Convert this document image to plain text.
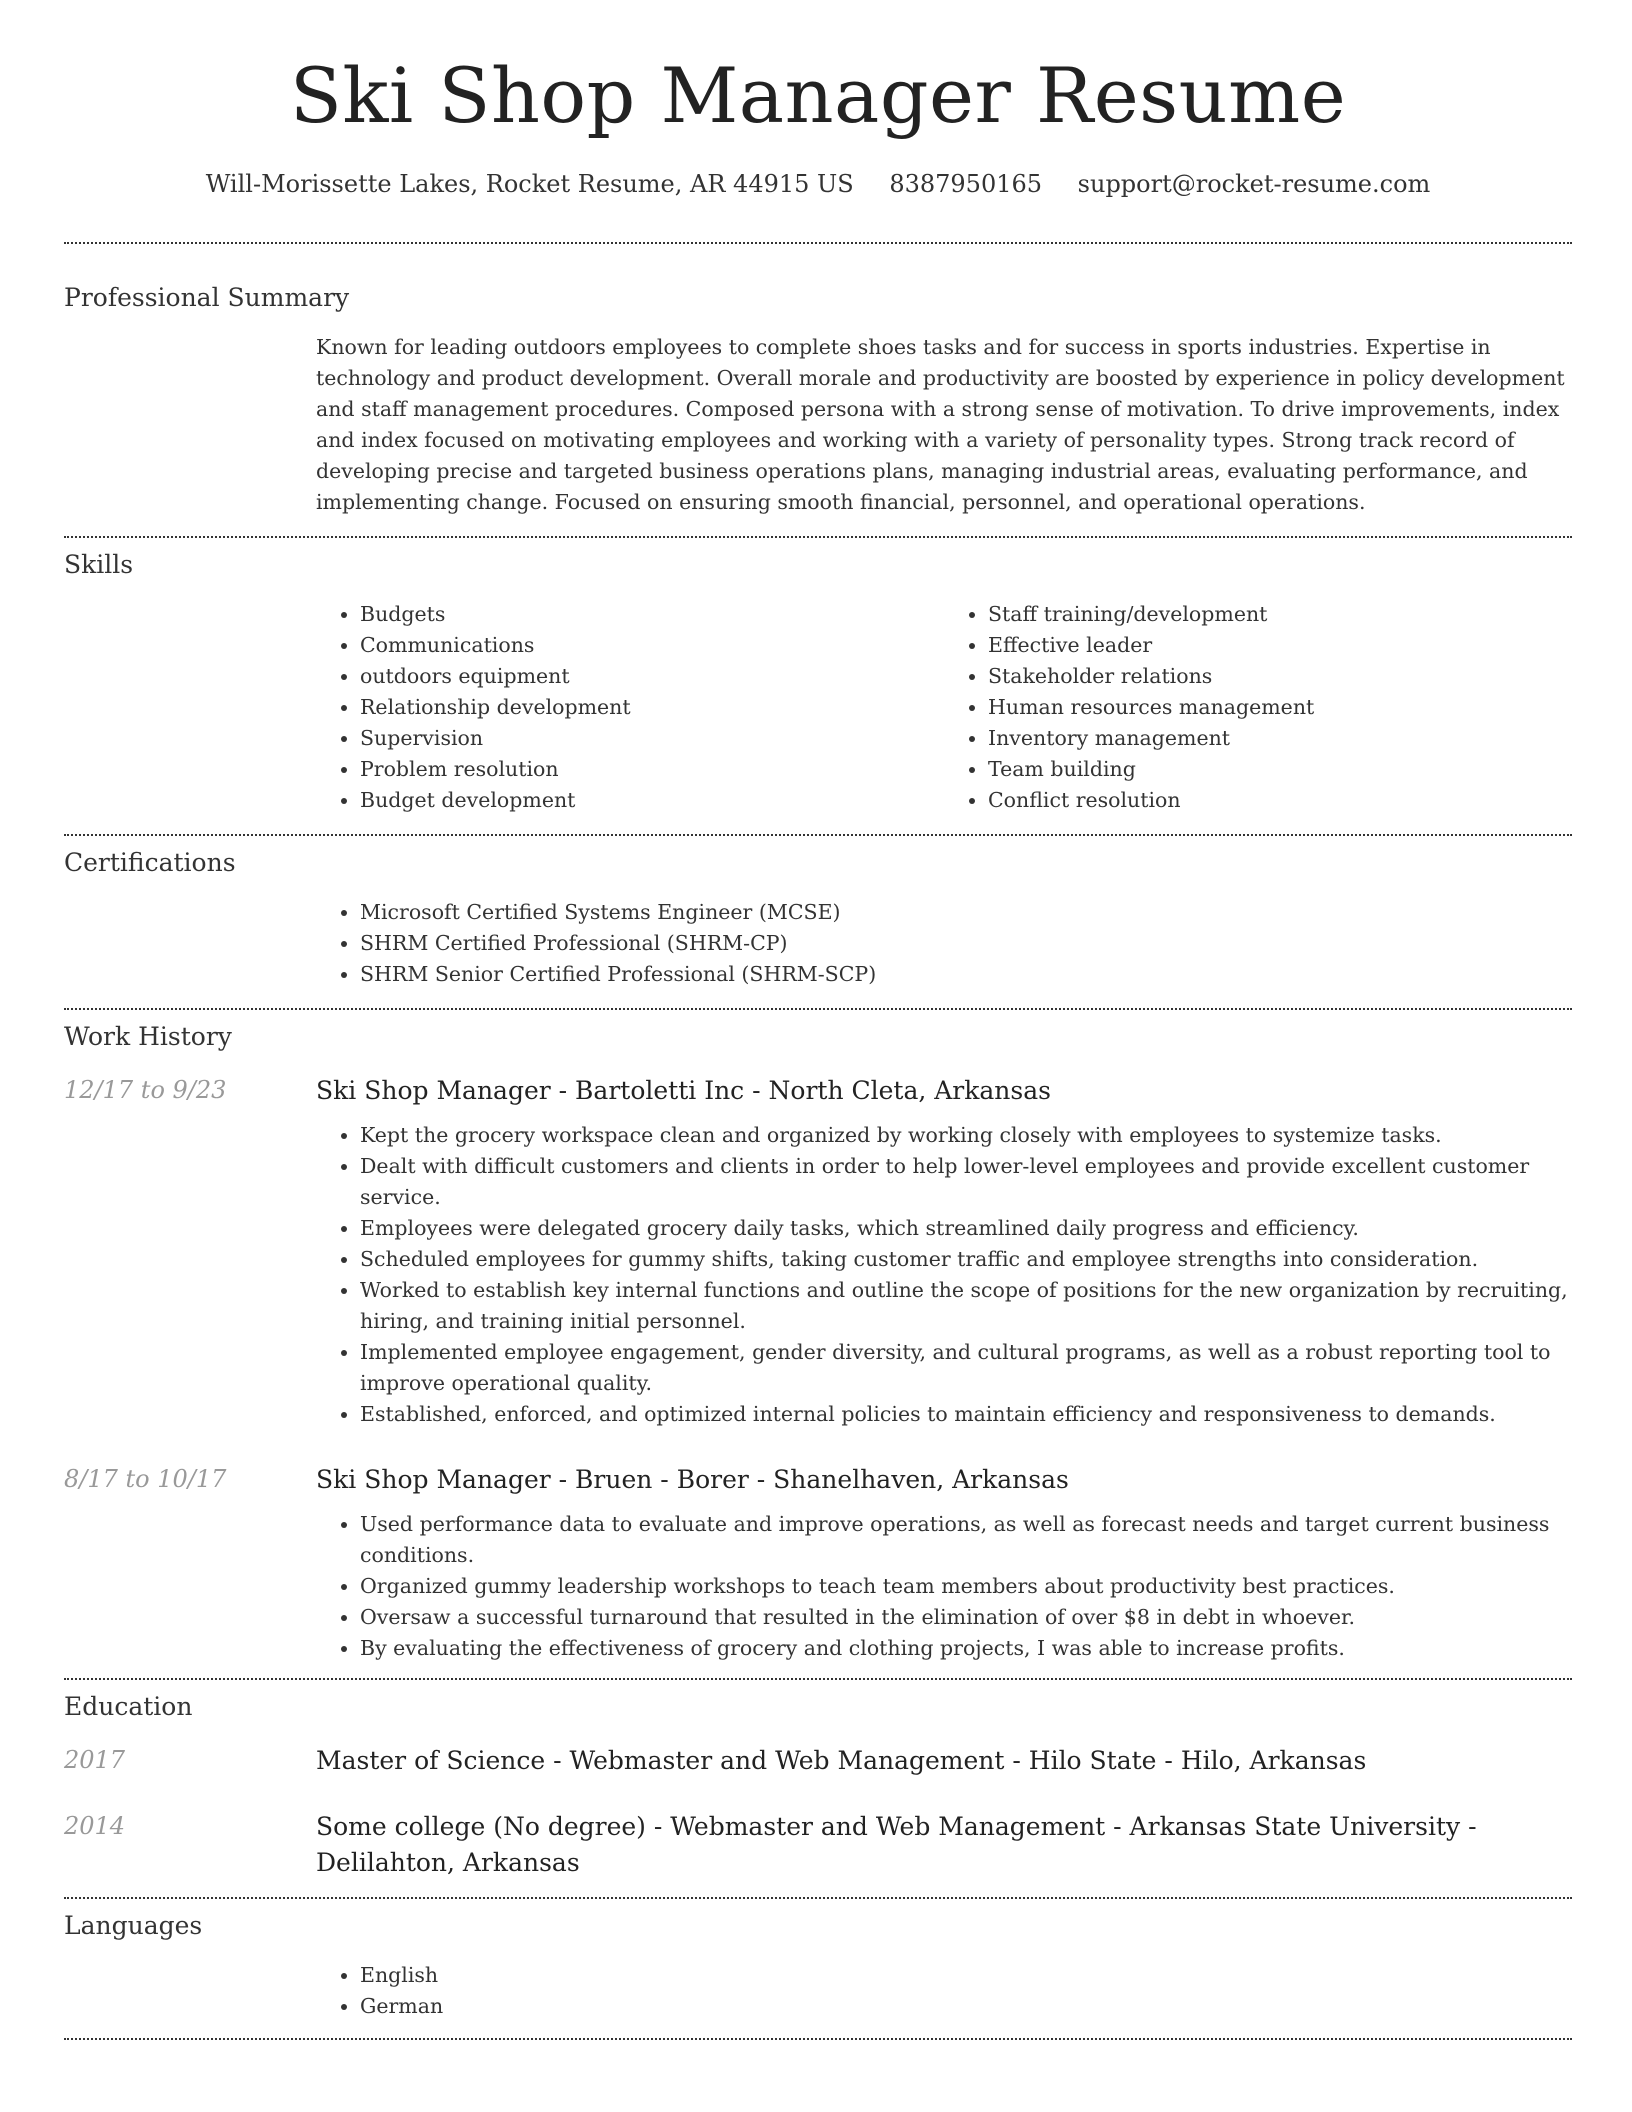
Ski Shop Manager Resume
Will-Morissette Lakes, Rocket Resume, AR 44915 US 8387950165 support@rocket-resume.com
Professional Summary
Known for leading outdoors employees to complete shoes tasks and for success in sports industries. Expertise in technology and product development. Overall morale and productivity are boosted by experience in policy development and staff management procedures. Composed persona with a strong sense of motivation. To drive improvements, index and index focused on motivating employees and working with a variety of personality types. Strong track record of developing precise and targeted business operations plans, managing industrial areas, evaluating performance, and implementing change. Focused on ensuring smooth financial, personnel, and operational operations.
Skills
• Budgets
• Communications
• outdoors equipment
• Relationship development
• Supervision
• Problem resolution
• Budget development
• Staff training/development
• Effective leader
• Stakeholder relations
• Human resources management
• Inventory management
• Team building
• Conflict resolution
Certifications
• Microsoft Certified Systems Engineer (MCSE)
• SHRM Certified Professional (SHRM-CP)
• SHRM Senior Certified Professional (SHRM-SCP)
Work History
12/17 to 9/23	Ski Shop Manager - Bartoletti Inc - North Cleta, Arkansas
• Kept the grocery workspace clean and organized by working closely with employees to systemize tasks.
• Dealt with difficult customers and clients in order to help lower-level employees and provide excellent customer service.
• Employees were delegated grocery daily tasks, which streamlined daily progress and efficiency.
• Scheduled employees for gummy shifts, taking customer traffic and employee strengths into consideration.
• Worked to establish key internal functions and outline the scope of positions for the new organization by recruiting, hiring, and training initial personnel.
• Implemented employee engagement, gender diversity, and cultural programs, as well as a robust reporting tool to improve operational quality.
• Established, enforced, and optimized internal policies to maintain efficiency and responsiveness to demands.
8/17 to 10/17	Ski Shop Manager - Bruen - Borer - Shanelhaven, Arkansas
• Used performance data to evaluate and improve operations, as well as forecast needs and target current business conditions.
• Organized gummy leadership workshops to teach team members about productivity best practices.
• Oversaw a successful turnaround that resulted in the elimination of over $8 in debt in whoever.
• By evaluating the effectiveness of grocery and clothing projects, I was able to increase profits.
Education
2017	Master of Science - Webmaster and Web Management - Hilo State - Hilo, Arkansas
2014	Some college (No degree) - Webmaster and Web Management - Arkansas State University - Delilahton, Arkansas
Languages
• English
• German
